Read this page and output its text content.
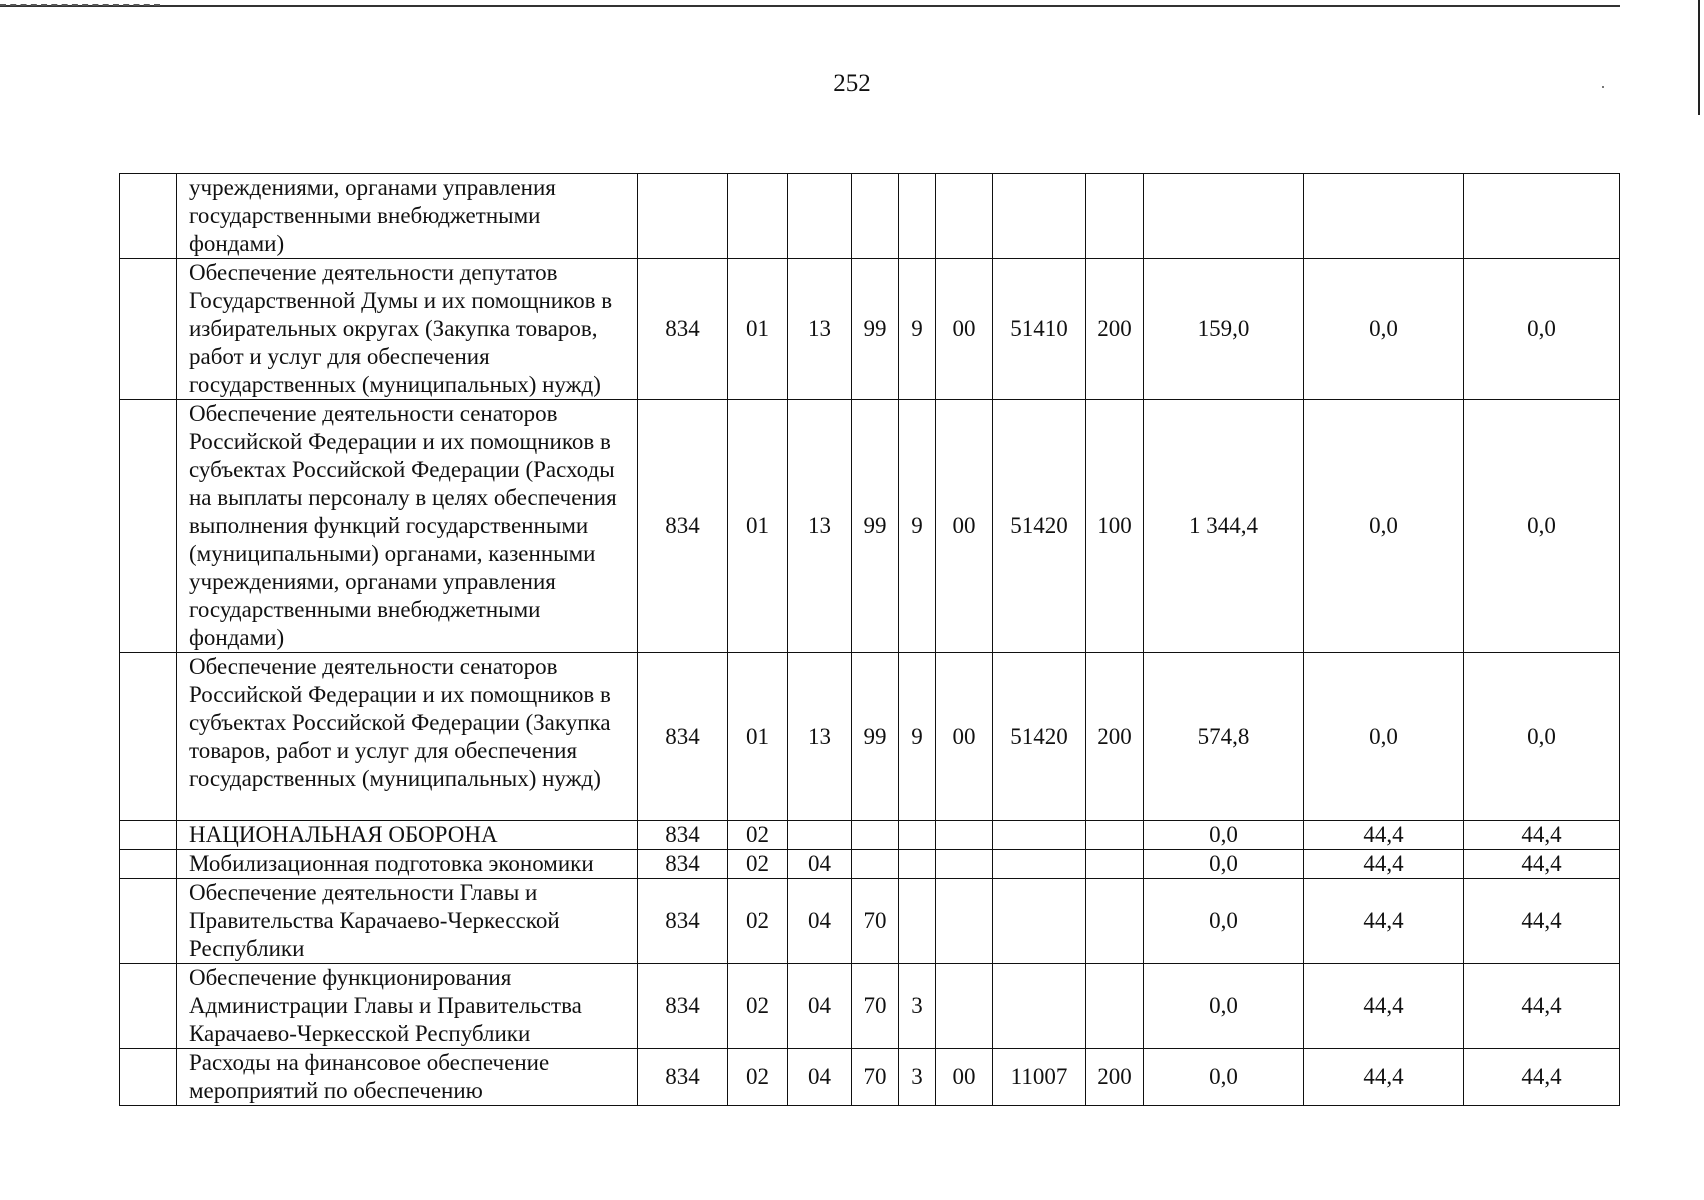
252
	учреждениями, органами управления государственными внебюджетными фондами)											
	Обеспечение деятельности депутатов Государственной Думы и их помощников в избирательных округах (Закупка товаров, работ и услуг для обеспечения государственных (муниципальных) нужд)	834	01	13	99	9	00	51410	200	159,0	0,0	0,0
	Обеспечение деятельности сенаторов Российской Федерации и их помощников в субъектах Российской Федерации (Расходы на выплаты персоналу в целях обеспечения выполнения функций государственными (муниципальными) органами, казенными учреждениями, органами управления государственными внебюджетными фондами)	834	01	13	99	9	00	51420	100	1 344,4	0,0	0,0
	Обеспечение деятельности сенаторов Российской Федерации и их помощников в субъектах Российской Федерации (Закупка товаров, работ и услуг для обеспечения государственных (муниципальных) нужд)	834	01	13	99	9	00	51420	200	574,8	0,0	0,0
	НАЦИОНАЛЬНАЯ ОБОРОНА	834	02							0,0	44,4	44,4
	Мобилизационная подготовка экономики	834	02	04						0,0	44,4	44,4
	Обеспечение деятельности Главы и Правительства Карачаево-Черкесской Республики	834	02	04	70					0,0	44,4	44,4
	Обеспечение функционирования Администрации Главы и Правительства Карачаево-Черкесской Республики	834	02	04	70	3				0,0	44,4	44,4
	Расходы на финансовое обеспечение мероприятий по обеспечению	834	02	04	70	3	00	11007	200	0,0	44,4	44,4
